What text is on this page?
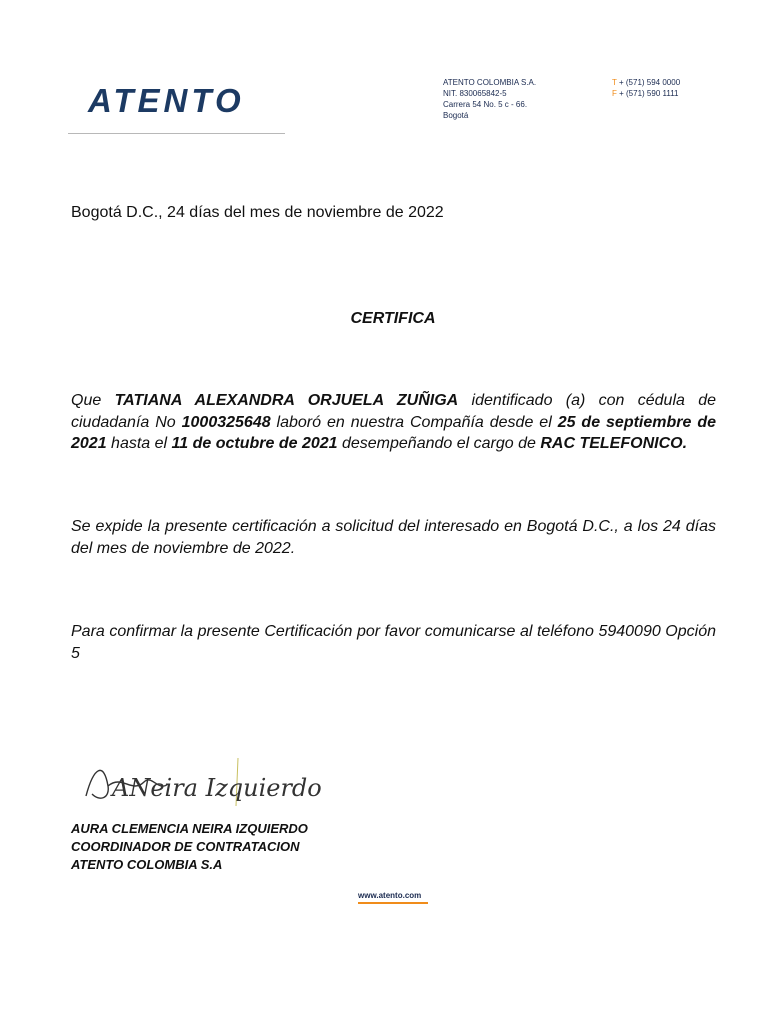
ATENTO	ATENTO COLOMBIA S.A.
NIT. 830065842-5
Carrera 54 No. 5 c - 66.
Bogotá
T + (571) 594 0000
F + (571) 590 1111
Bogotá D.C., 24 días del mes de noviembre de 2022
CERTIFICA
Que TATIANA ALEXANDRA ORJUELA ZUÑIGA identificado (a) con cédula de ciudadanía No 1000325648 laboró en nuestra Compañía desde el 25 de septiembre de 2021 hasta el 11 de octubre de 2021 desempeñando el cargo de RAC TELEFONICO.
Se expide la presente certificación a solicitud del interesado en Bogotá D.C., a los 24 días del mes de noviembre de 2022.
Para confirmar la presente Certificación por favor comunicarse al teléfono 5940090 Opción 5
ANeira Izquierdo
AURA CLEMENCIA NEIRA IZQUIERDO
COORDINADOR DE CONTRATACION
ATENTO COLOMBIA S.A
www.atento.com
